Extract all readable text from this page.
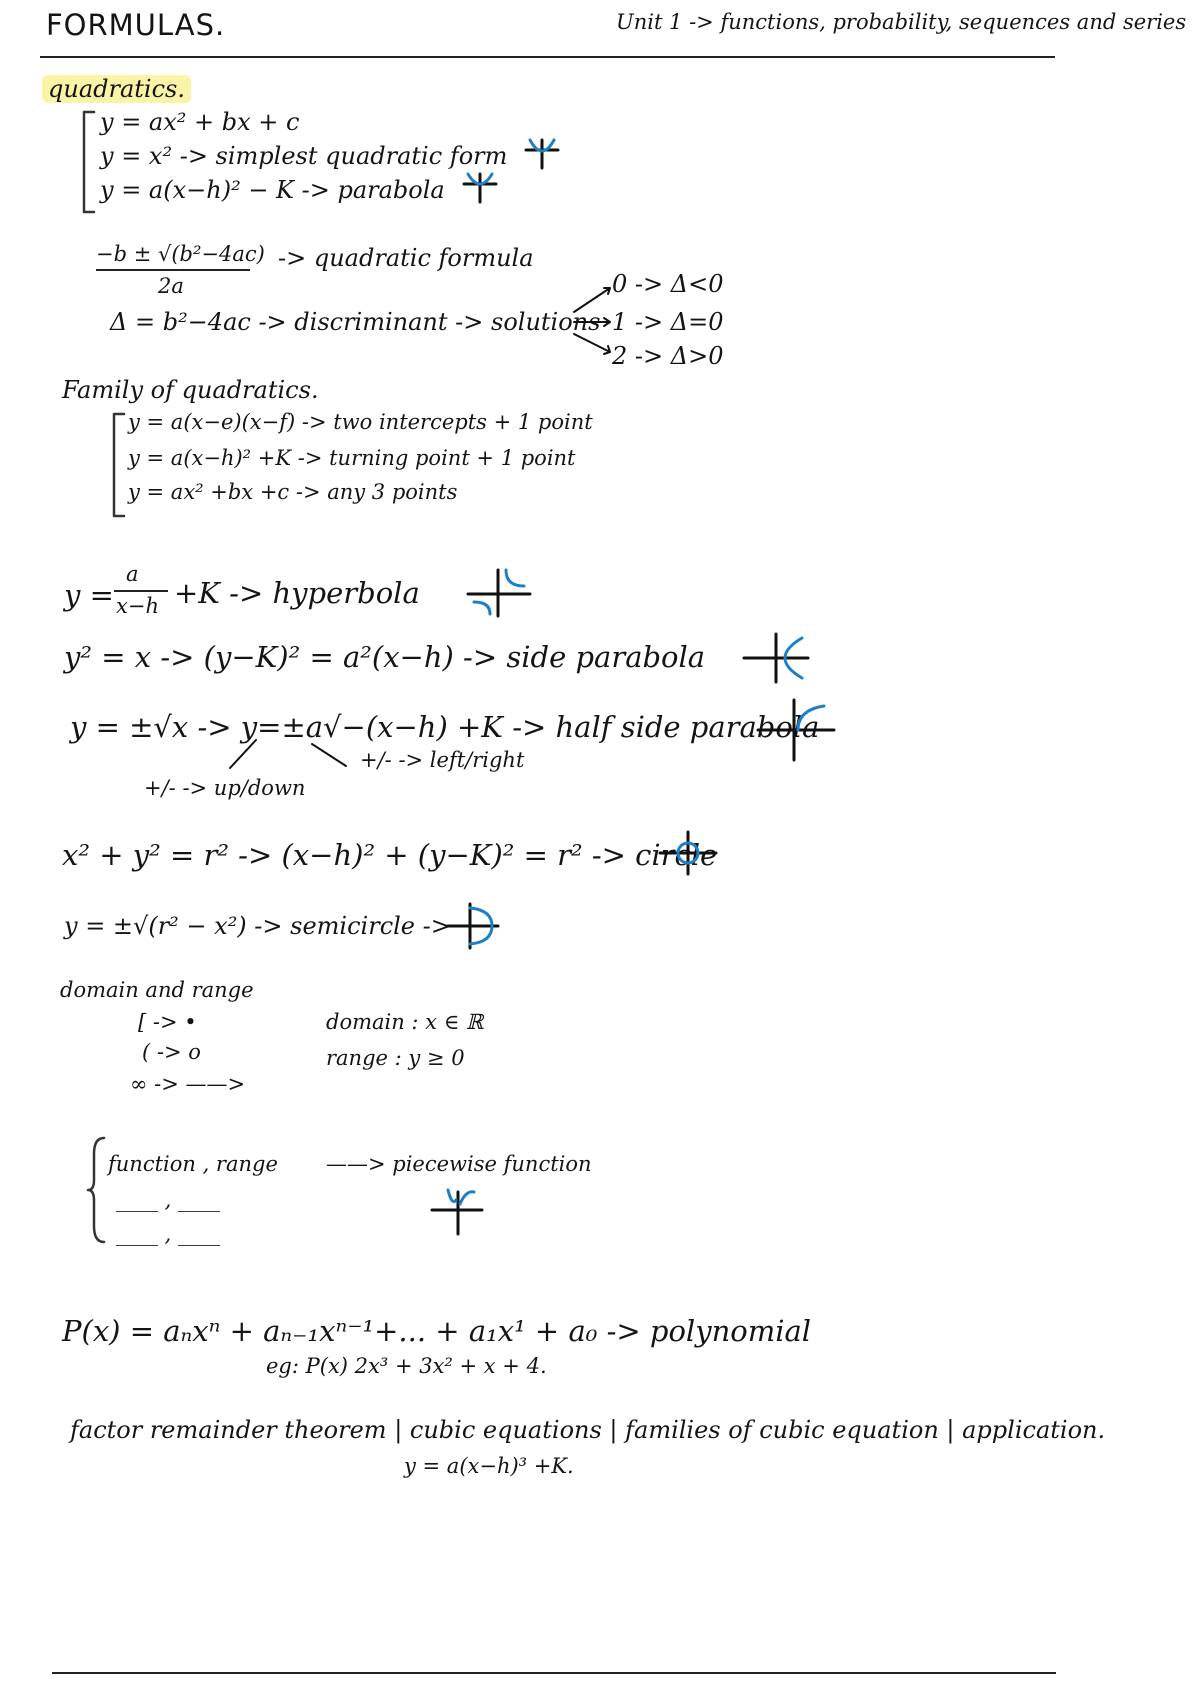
FORMULAS.	Unit 1 -> functions, probability, sequences and series
quadratics.
y = ax² + bx + c
y = x² -> simplest quadratic form
y = a(x−h)² − K -> parabola
−b ± √(b²−4ac)
2a
-> quadratic formula
Δ = b²−4ac -> discriminant -> solutions
0 -> Δ<0
1 -> Δ=0
2 -> Δ>0
Family of quadratics.
y = a(x−e)(x−f) -> two intercepts + 1 point
y = a(x−h)² +K -> turning point + 1 point
y = ax² +bx +c -> any 3 points
y =
a
x−h +K -> hyperbola
y² = x -> (y−K)² = a²(x−h) -> side parabola
y = ±√x -> y=±a√−(x−h) +K -> half side parabola
+/- -> left/right
+/- -> up/down
x² + y² = r² -> (x−h)² + (y−K)² = r² -> circle
y = ±√(r² − x²) -> semicircle ->
domain and range
[ -> •
( -> o
∞ -> ——>
domain : x ∈ ℝ
range : y ≥ 0
function , range
____ , ____
____ , ____
——> piecewise function
P(x) = aₙxⁿ + aₙ₋₁xⁿ⁻¹+... + a₁x¹ + a₀ -> polynomial
eg: P(x) 2x³ + 3x² + x + 4.
factor remainder theorem | cubic equations | families of cubic equation | application.
y = a(x−h)³ +K.
